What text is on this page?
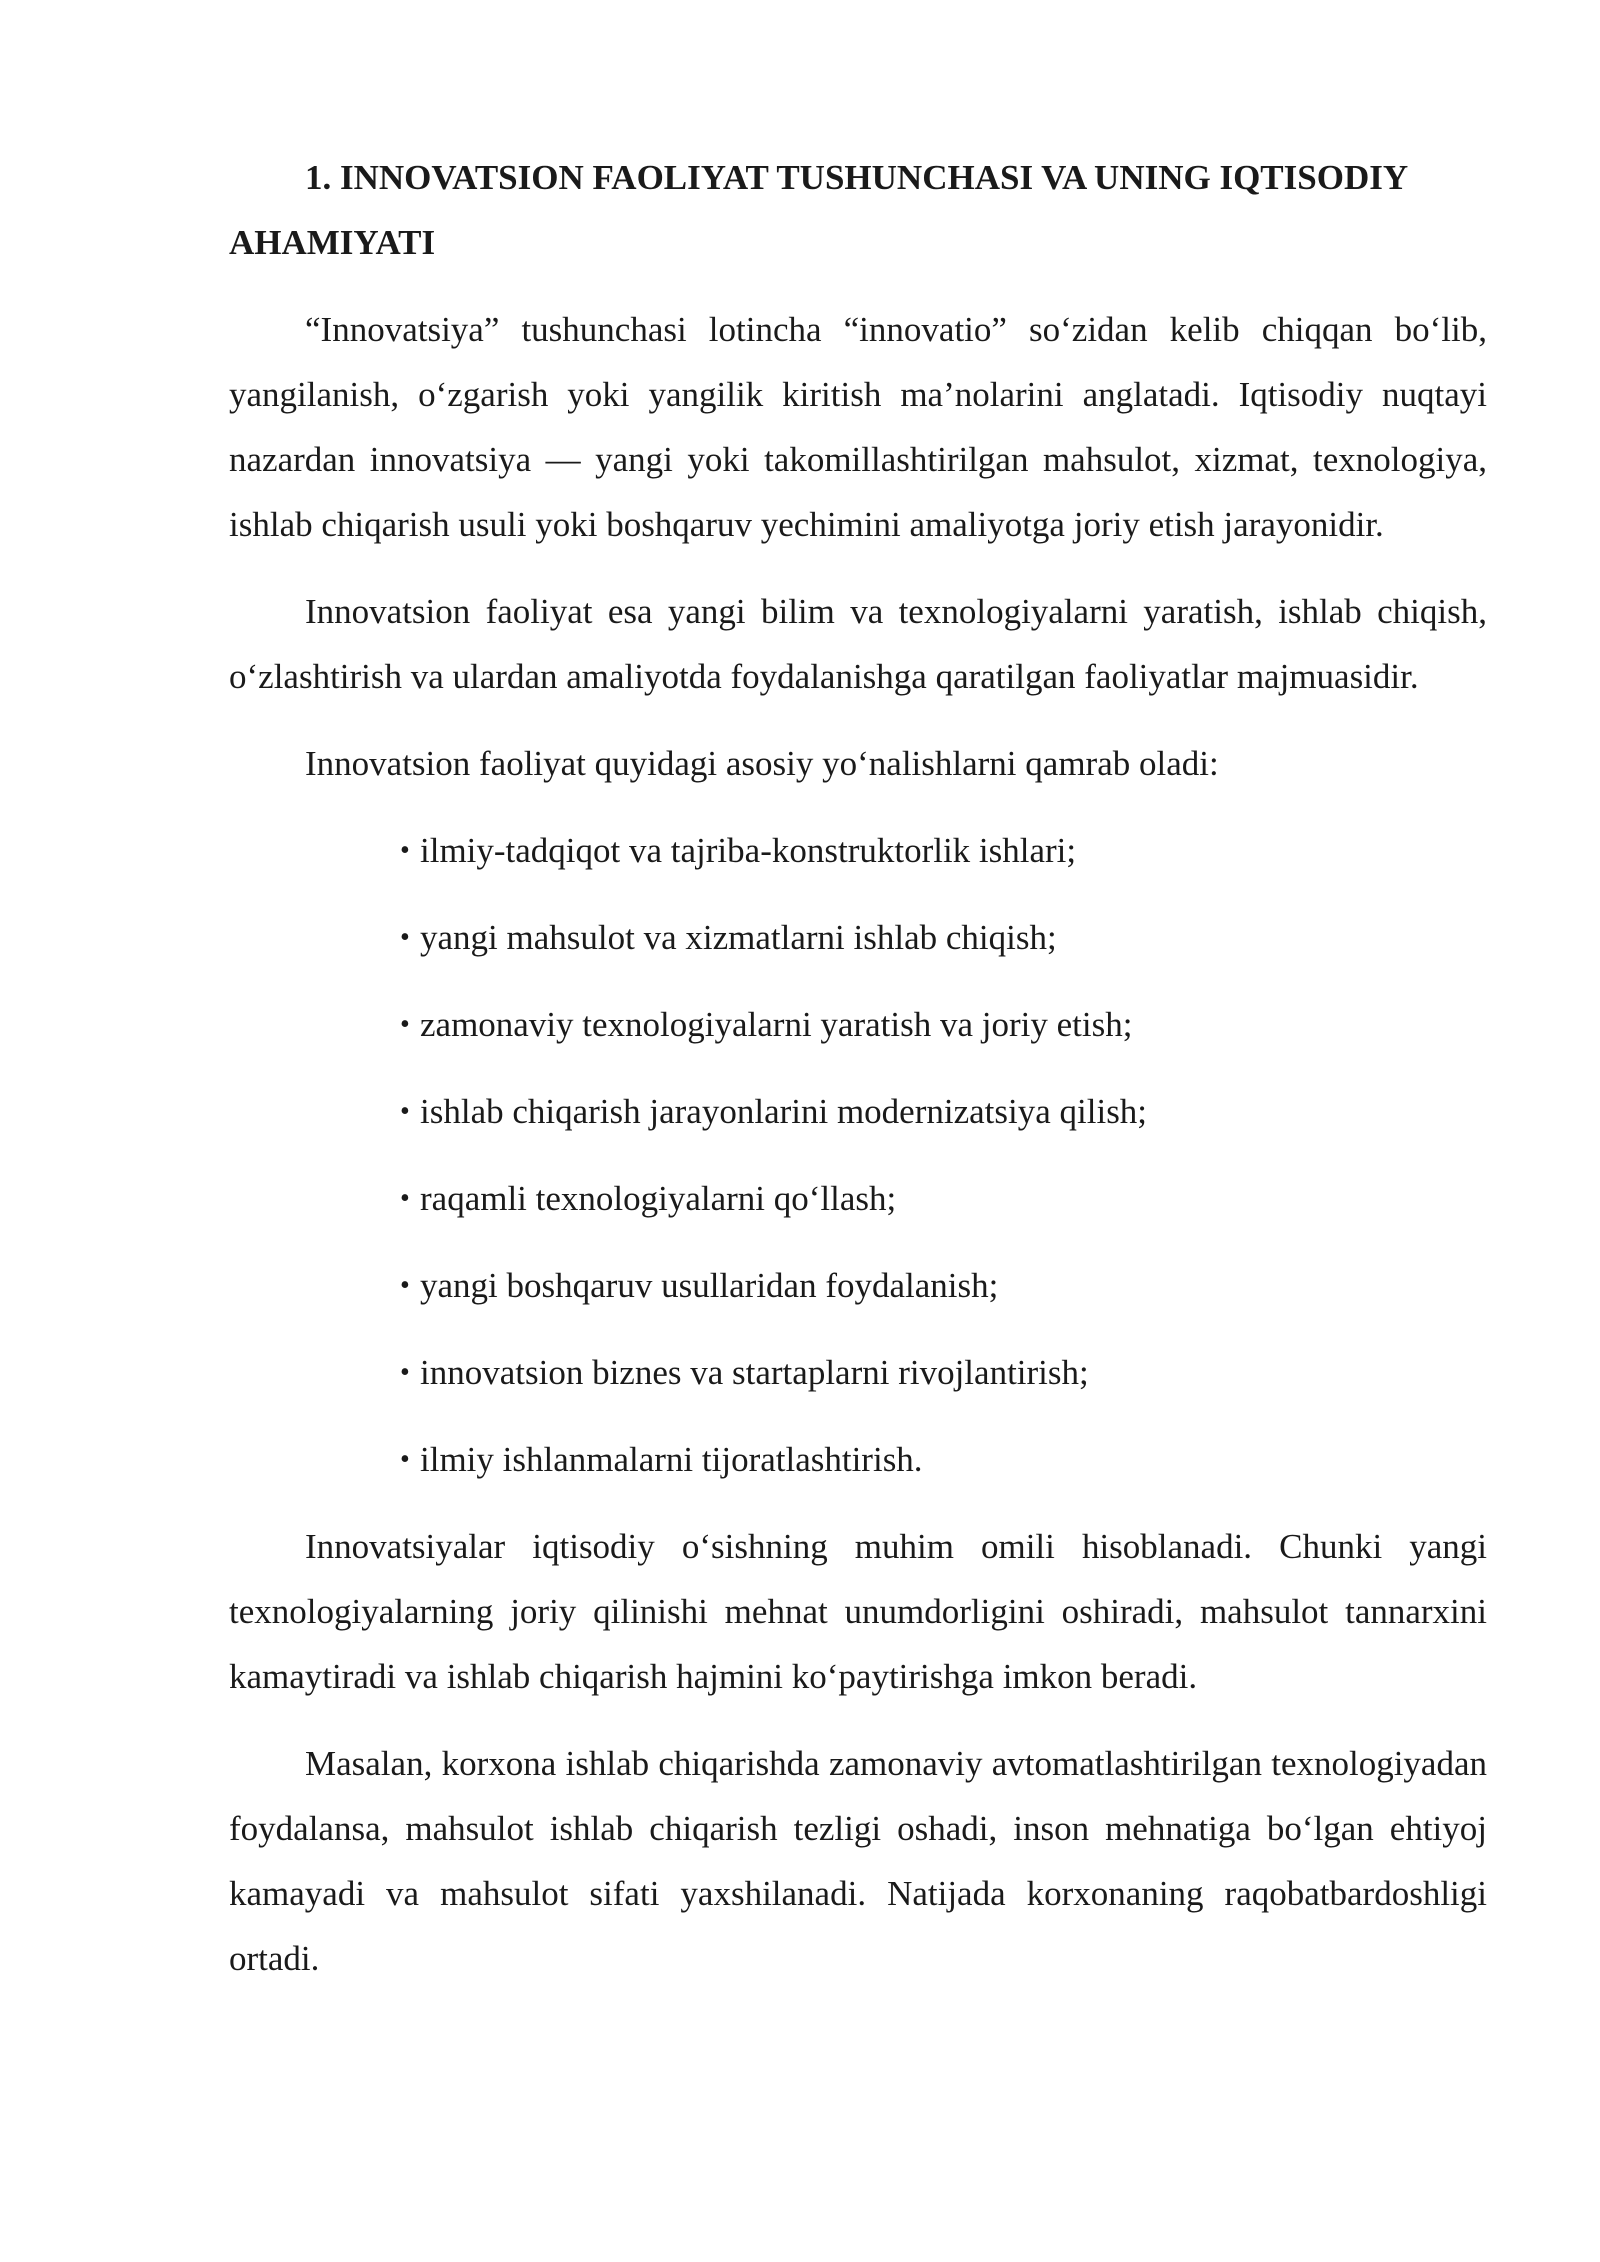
1. INNOVATSION FAOLIYAT TUSHUNCHASI VA UNING IQTISODIY AHAMIYATI

“Innovatsiya” tushunchasi lotincha “innovatio” so‘zidan kelib chiqqan bo‘lib, yangilanish, o‘zgarish yoki yangilik kiritish ma’nolarini anglatadi. Iqtisodiy nuqtayi nazardan innovatsiya — yangi yoki takomillashtirilgan mahsulot, xizmat, texnologiya, ishlab chiqarish usuli yoki boshqaruv yechimini amaliyotga joriy etish jarayonidir.

Innovatsion faoliyat esa yangi bilim va texnologiyalarni yaratish, ishlab chiqish, o‘zlashtirish va ulardan amaliyotda foydalanishga qaratilgan faoliyatlar majmuasidir.

Innovatsion faoliyat quyidagi asosiy yo‘nalishlarni qamrab oladi:

• ilmiy-tadqiqot va tajriba-konstruktorlik ishlari;
• yangi mahsulot va xizmatlarni ishlab chiqish;
• zamonaviy texnologiyalarni yaratish va joriy etish;
• ishlab chiqarish jarayonlarini modernizatsiya qilish;
• raqamli texnologiyalarni qo‘llash;
• yangi boshqaruv usullaridan foydalanish;
• innovatsion biznes va startaplarni rivojlantirish;
• ilmiy ishlanmalarni tijoratlashtirish.

Innovatsiyalar iqtisodiy o‘sishning muhim omili hisoblanadi. Chunki yangi texnologiyalarning joriy qilinishi mehnat unumdorligini oshiradi, mahsulot tannarxini kamaytiradi va ishlab chiqarish hajmini ko‘paytirishga imkon beradi.

Masalan, korxona ishlab chiqarishda zamonaviy avtomatlashtirilgan texnologiyadan foydalansa, mahsulot ishlab chiqarish tezligi oshadi, inson mehnatiga bo‘lgan ehtiyoj kamayadi va mahsulot sifati yaxshilanadi. Natijada korxonaning raqobatbardoshligi ortadi.
